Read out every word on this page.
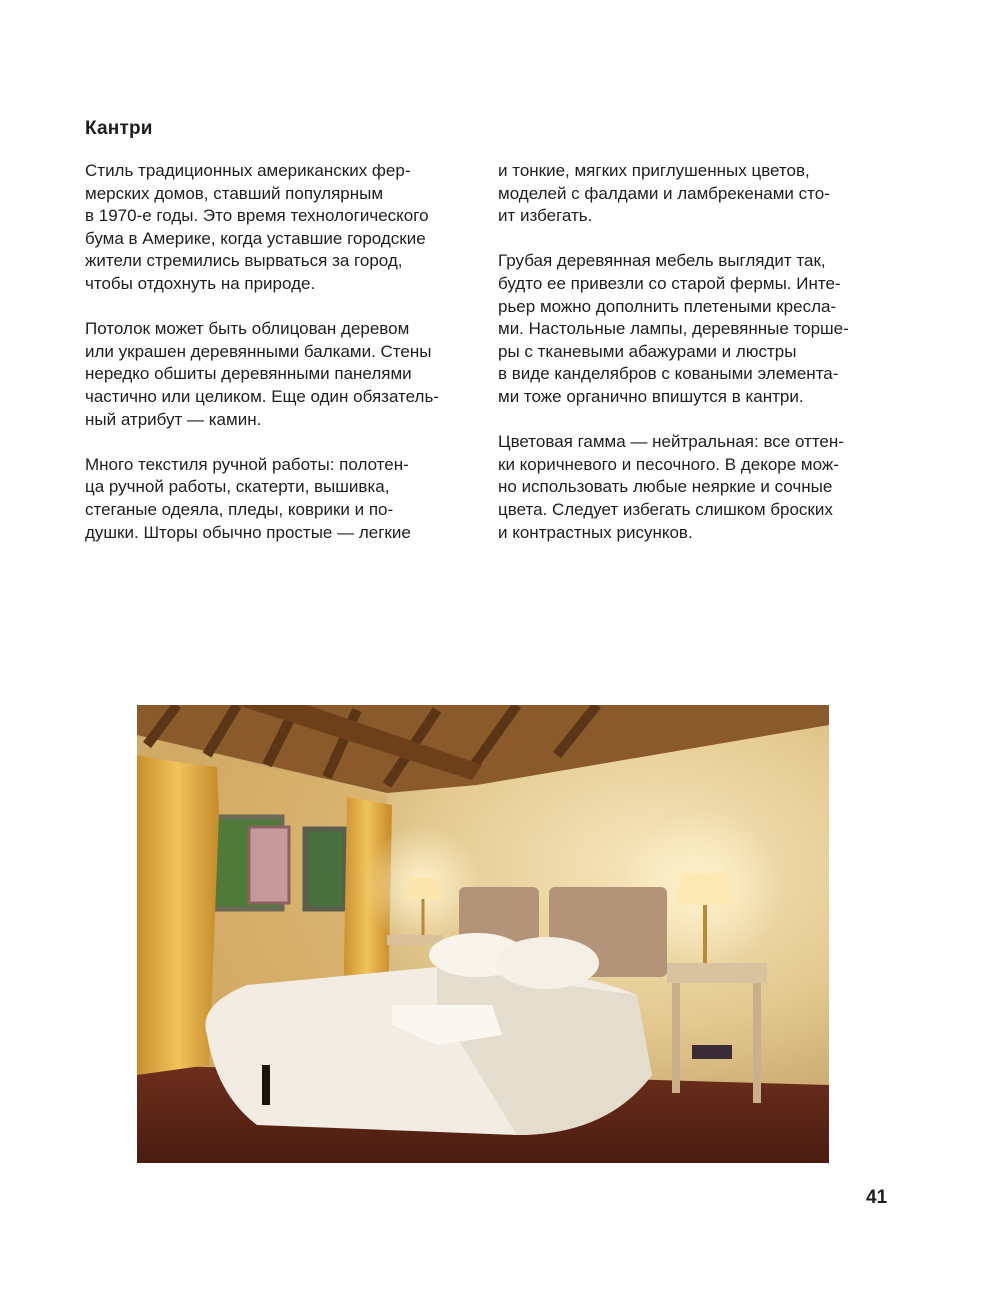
Кантри

Стиль традиционных американских фер-
мерских домов, ставший популярным
в 1970-е годы. Это время технологического
бума в Америке, когда уставшие городские
жители стремились вырваться за город,
чтобы отдохнуть на природе.

Потолок может быть облицован деревом
или украшен деревянными балками. Стены
нередко обшиты деревянными панелями
частично или целиком. Еще один обязатель-
ный атрибут — камин.

Много текстиля ручной работы: полотен-
ца ручной работы, скатерти, вышивка,
стеганые одеяла, пледы, коврики и по-
душки. Шторы обычно простые — легкие

и тонкие, мягких приглушенных цветов,
моделей с фалдами и ламбрекенами сто-
ит избегать.

Грубая деревянная мебель выглядит так,
будто ее привезли со старой фермы. Инте-
рьер можно дополнить плетеными кресла-
ми. Настольные лампы, деревянные торше-
ры с тканевыми абажурами и люстры
в виде канделябров с коваными элемента-
ми тоже органично впишутся в кантри.

Цветовая гамма — нейтральная: все оттен-
ки коричневого и песочного. В декоре мож-
но использовать любые неяркие и сочные
цвета. Следует избегать слишком броских
и контрастных рисунков.

41
